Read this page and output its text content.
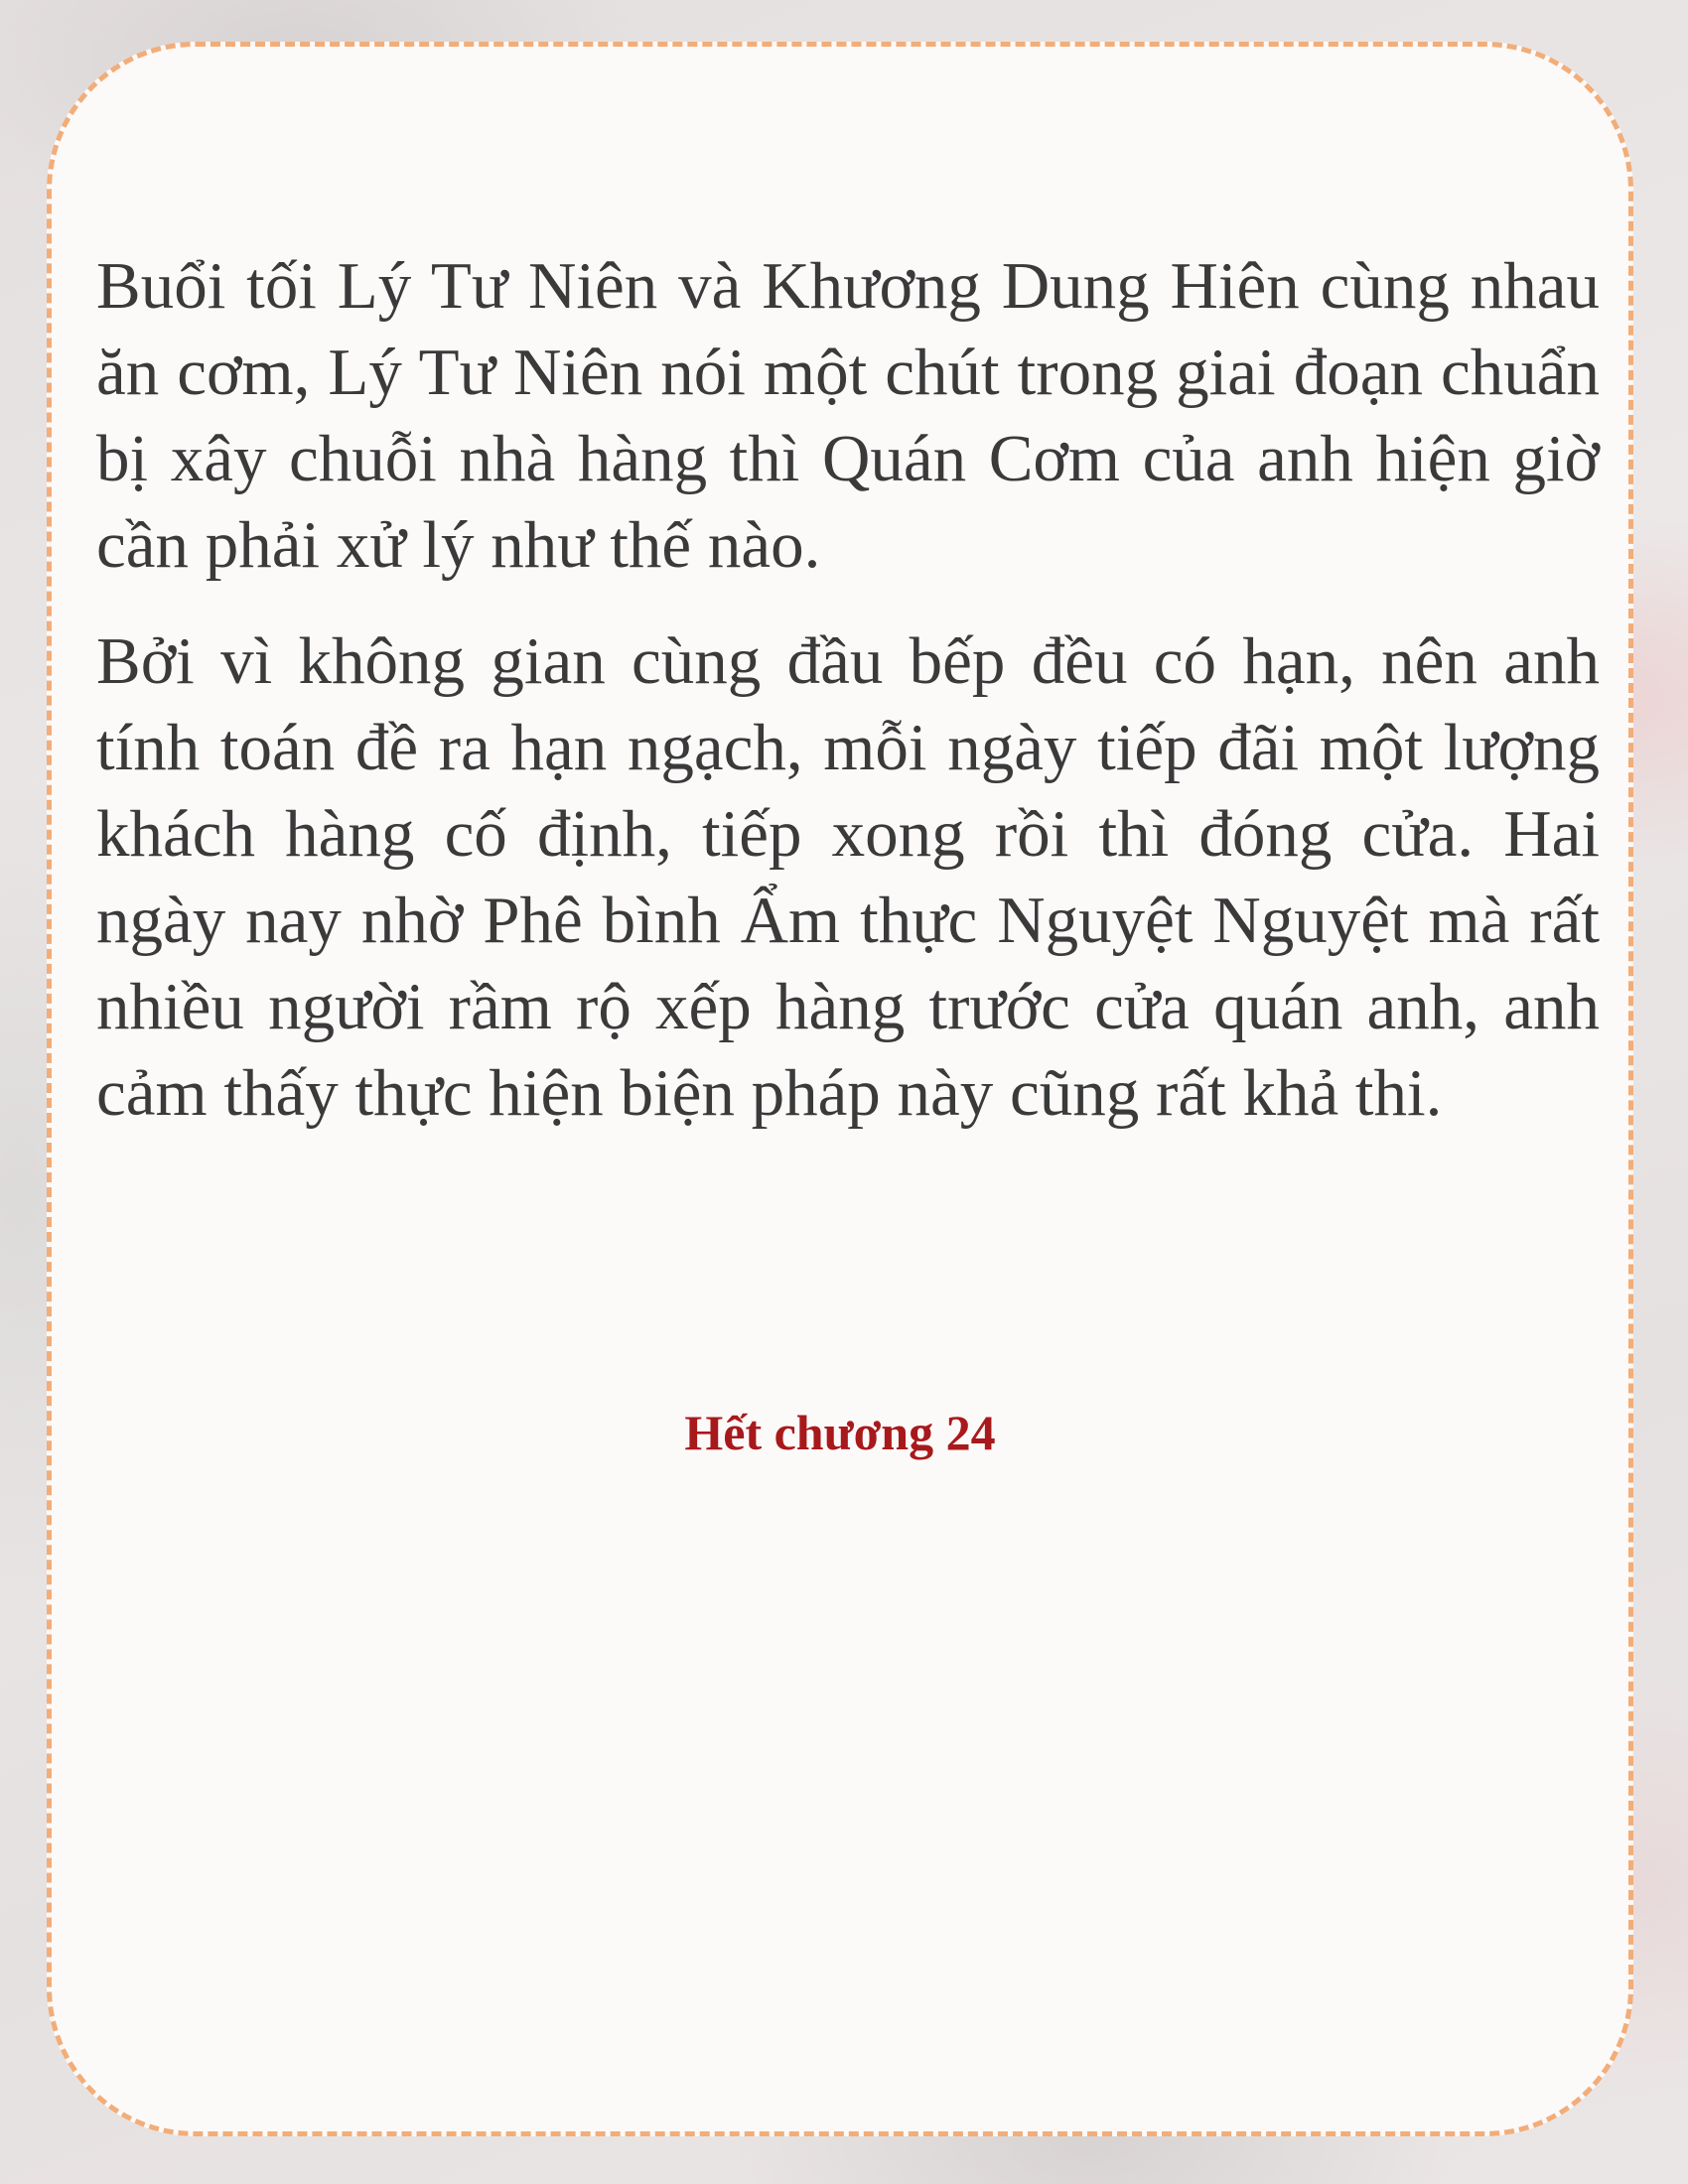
Buổi tối Lý Tư Niên và Khương Dung Hiên cùng nhau ăn cơm, Lý Tư Niên nói một chút trong giai đoạn chuẩn bị xây chuỗi nhà hàng thì Quán Cơm của anh hiện giờ cần phải xử lý như thế nào.

Bởi vì không gian cùng đầu bếp đều có hạn, nên anh tính toán đề ra hạn ngạch, mỗi ngày tiếp đãi một lượng khách hàng cố định, tiếp xong rồi thì đóng cửa. Hai ngày nay nhờ Phê bình Ẩm thực Nguyệt Nguyệt mà rất nhiều người rầm rộ xếp hàng trước cửa quán anh, anh cảm thấy thực hiện biện pháp này cũng rất khả thi.

Hết chương 24
